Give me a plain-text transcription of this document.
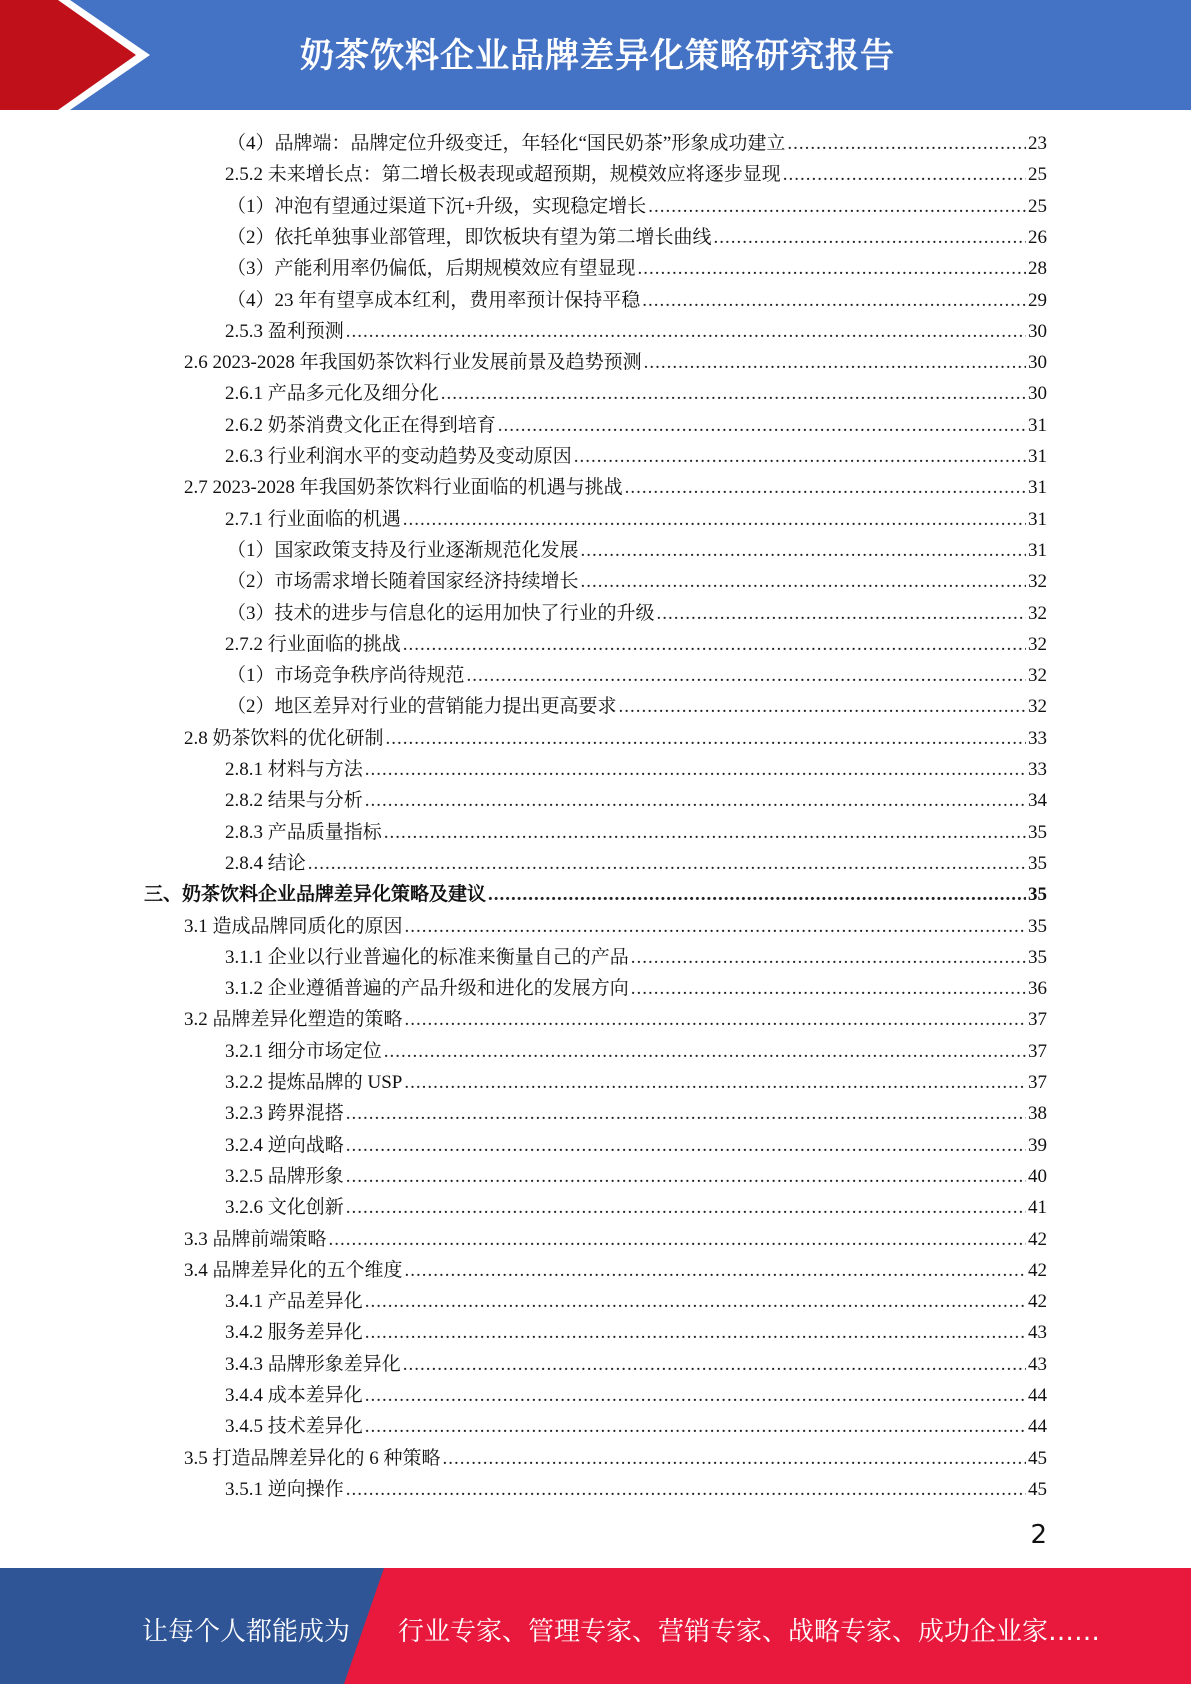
奶茶饮料企业品牌差异化策略研究报告
（4）品牌端：品牌定位升级变迁，年轻化“国民奶茶”形象成功建立 .....	23
2.5.2 未来增长点：第二增长极表现或超预期，规模效应将逐步显现 .....	25
（1）冲泡有望通过渠道下沉+升级，实现稳定增长 .....	25
（2）依托单独事业部管理，即饮板块有望为第二增长曲线 .....	26
（3）产能利用率仍偏低，后期规模效应有望显现 .....	28
（4）23 年有望享成本红利，费用率预计保持平稳 .....	29
2.5.3 盈利预测 .....	30
2.6 2023-2028 年我国奶茶饮料行业发展前景及趋势预测 .....	30
2.6.1 产品多元化及细分化 .....	30
2.6.2 奶茶消费文化正在得到培育 .....	31
2.6.3 行业利润水平的变动趋势及变动原因 .....	31
2.7 2023-2028 年我国奶茶饮料行业面临的机遇与挑战 .....	31
2.7.1 行业面临的机遇 .....	31
（1）国家政策支持及行业逐渐规范化发展 .....	31
（2）市场需求增长随着国家经济持续增长 .....	32
（3）技术的进步与信息化的运用加快了行业的升级 .....	32
2.7.2 行业面临的挑战 .....	32
（1）市场竞争秩序尚待规范 .....	32
（2）地区差异对行业的营销能力提出更高要求 .....	32
2.8 奶茶饮料的优化研制 .....	33
2.8.1 材料与方法 .....	33
2.8.2 结果与分析 .....	34
2.8.3 产品质量指标 .....	35
2.8.4 结论 .....	35
三、奶茶饮料企业品牌差异化策略及建议 .....	35
3.1 造成品牌同质化的原因 .....	35
3.1.1 企业以行业普遍化的标准来衡量自己的产品 .....	35
3.1.2 企业遵循普遍的产品升级和进化的发展方向 .....	36
3.2 品牌差异化塑造的策略 .....	37
3.2.1 细分市场定位 .....	37
3.2.2 提炼品牌的 USP .....	37
3.2.3 跨界混搭 .....	38
3.2.4 逆向战略 .....	39
3.2.5 品牌形象 .....	40
3.2.6 文化创新 .....	41
3.3 品牌前端策略 .....	42
3.4 品牌差异化的五个维度 .....	42
3.4.1 产品差异化 .....	42
3.4.2 服务差异化 .....	43
3.4.3 品牌形象差异化 .....	43
3.4.4 成本差异化 .....	44
3.4.5 技术差异化 .....	44
3.5 打造品牌差异化的 6 种策略 .....	45
3.5.1 逆向操作 .....	45
2
让每个人都能成为 行业专家、管理专家、营销专家、战略专家、成功企业家……
